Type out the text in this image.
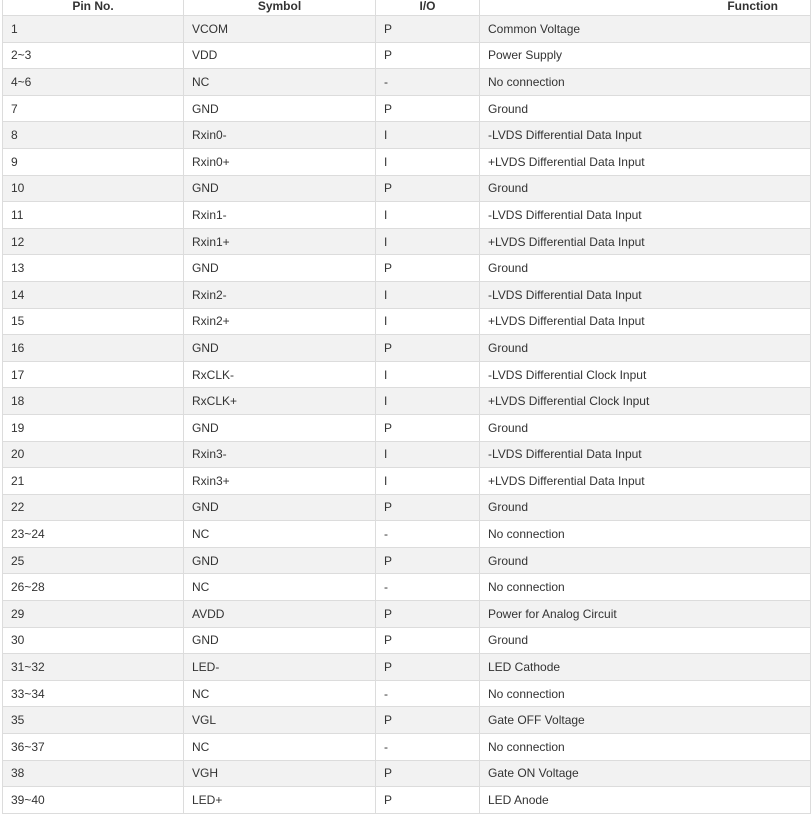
Pin No.	Symbol	I/O	Function
1	VCOM	P	Common Voltage
2~3	VDD	P	Power Supply
4~6	NC	-	No connection
7	GND	P	Ground
8	Rxin0-	I	-LVDS Differential Data Input
9	Rxin0+	I	+LVDS Differential Data Input
10	GND	P	Ground
11	Rxin1-	I	-LVDS Differential Data Input
12	Rxin1+	I	+LVDS Differential Data Input
13	GND	P	Ground
14	Rxin2-	I	-LVDS Differential Data Input
15	Rxin2+	I	+LVDS Differential Data Input
16	GND	P	Ground
17	RxCLK-	I	-LVDS Differential Clock Input
18	RxCLK+	I	+LVDS Differential Clock Input
19	GND	P	Ground
20	Rxin3-	I	-LVDS Differential Data Input
21	Rxin3+	I	+LVDS Differential Data Input
22	GND	P	Ground
23~24	NC	-	No connection
25	GND	P	Ground
26~28	NC	-	No connection
29	AVDD	P	Power for Analog Circuit
30	GND	P	Ground
31~32	LED-	P	LED Cathode
33~34	NC	-	No connection
35	VGL	P	Gate OFF Voltage
36~37	NC	-	No connection
38	VGH	P	Gate ON Voltage
39~40	LED+	P	LED Anode
